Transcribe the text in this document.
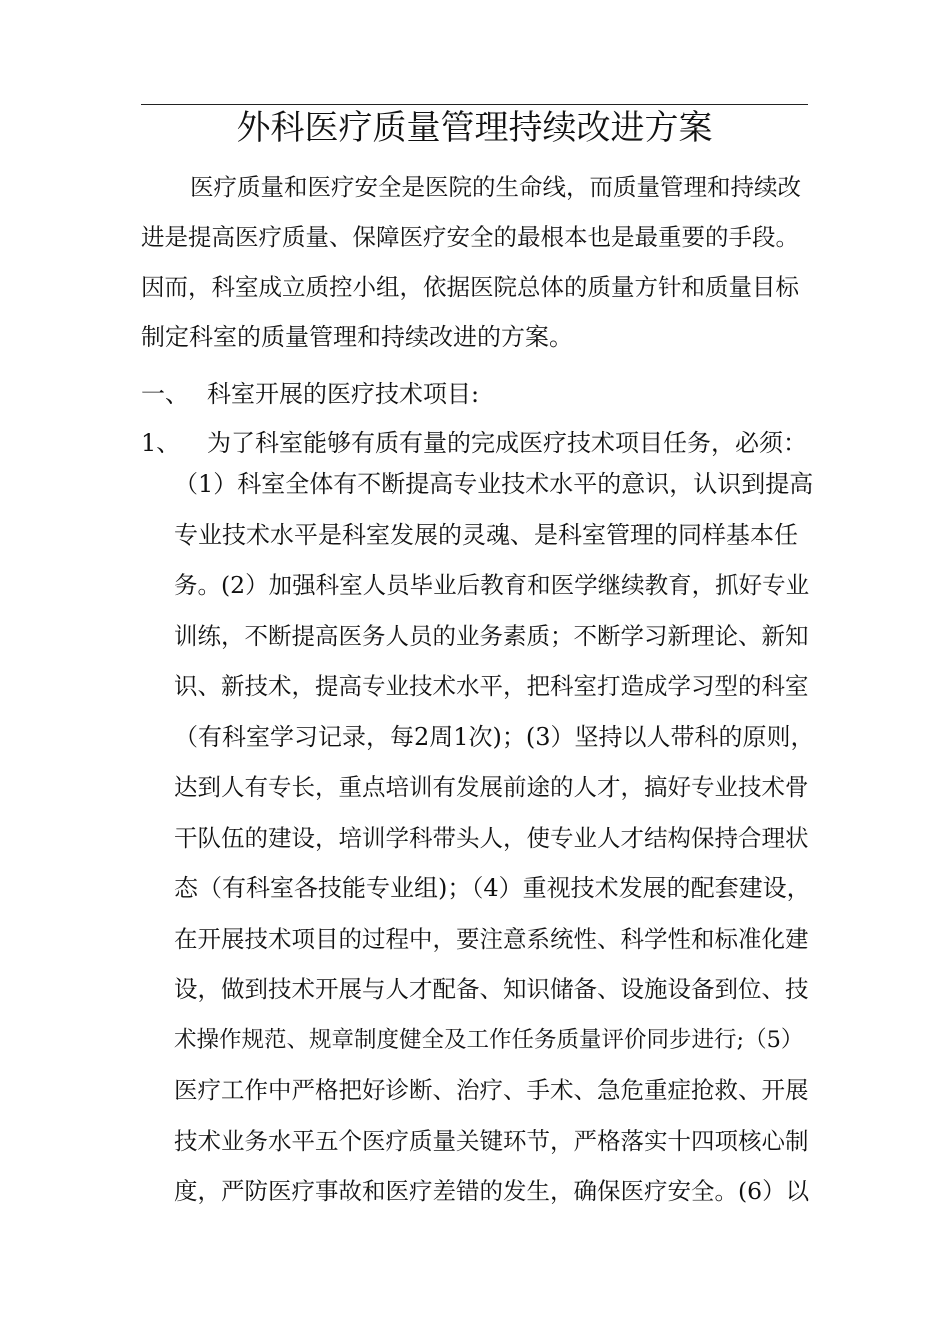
外科医疗质量管理持续改进方案
医疗质量和医疗安全是医院的生命线，而质量管理和持续改
进是提高医疗质量、保障医疗安全的最根本也是最重要的手段。
因而，科室成立质控小组，依据医院总体的质量方针和质量目标
制定科室的质量管理和持续改进的方案。
一、 科室开展的医疗技术项目:
1、 为了科室能够有质有量的完成医疗技术项目任务，必须：
（1）科室全体有不断提高专业技术水平的意识，认识到提高
专业技术水平是科室发展的灵魂、是科室管理的同样基本任
务。(2）加强科室人员毕业后教育和医学继续教育，抓好专业
训练，不断提高医务人员的业务素质；不断学习新理论、新知
识、新技术，提高专业技术水平，把科室打造成学习型的科室
（有科室学习记录，每2周1次)；(3）坚持以人带科的原则，
达到人有专长，重点培训有发展前途的人才，搞好专业技术骨
干队伍的建设，培训学科带头人，使专业人才结构保持合理状
态（有科室各技能专业组)；（4）重视技术发展的配套建设，
在开展技术项目的过程中，要注意系统性、科学性和标准化建
设，做到技术开展与人才配备、知识储备、设施设备到位、技
术操作规范、规章制度健全及工作任务质量评价同步进行;（5）
医疗工作中严格把好诊断、治疗、手术、急危重症抢救、开展
技术业务水平五个医疗质量关键环节，严格落实十四项核心制
度，严防医疗事故和医疗差错的发生，确保医疗安全。(6）以
